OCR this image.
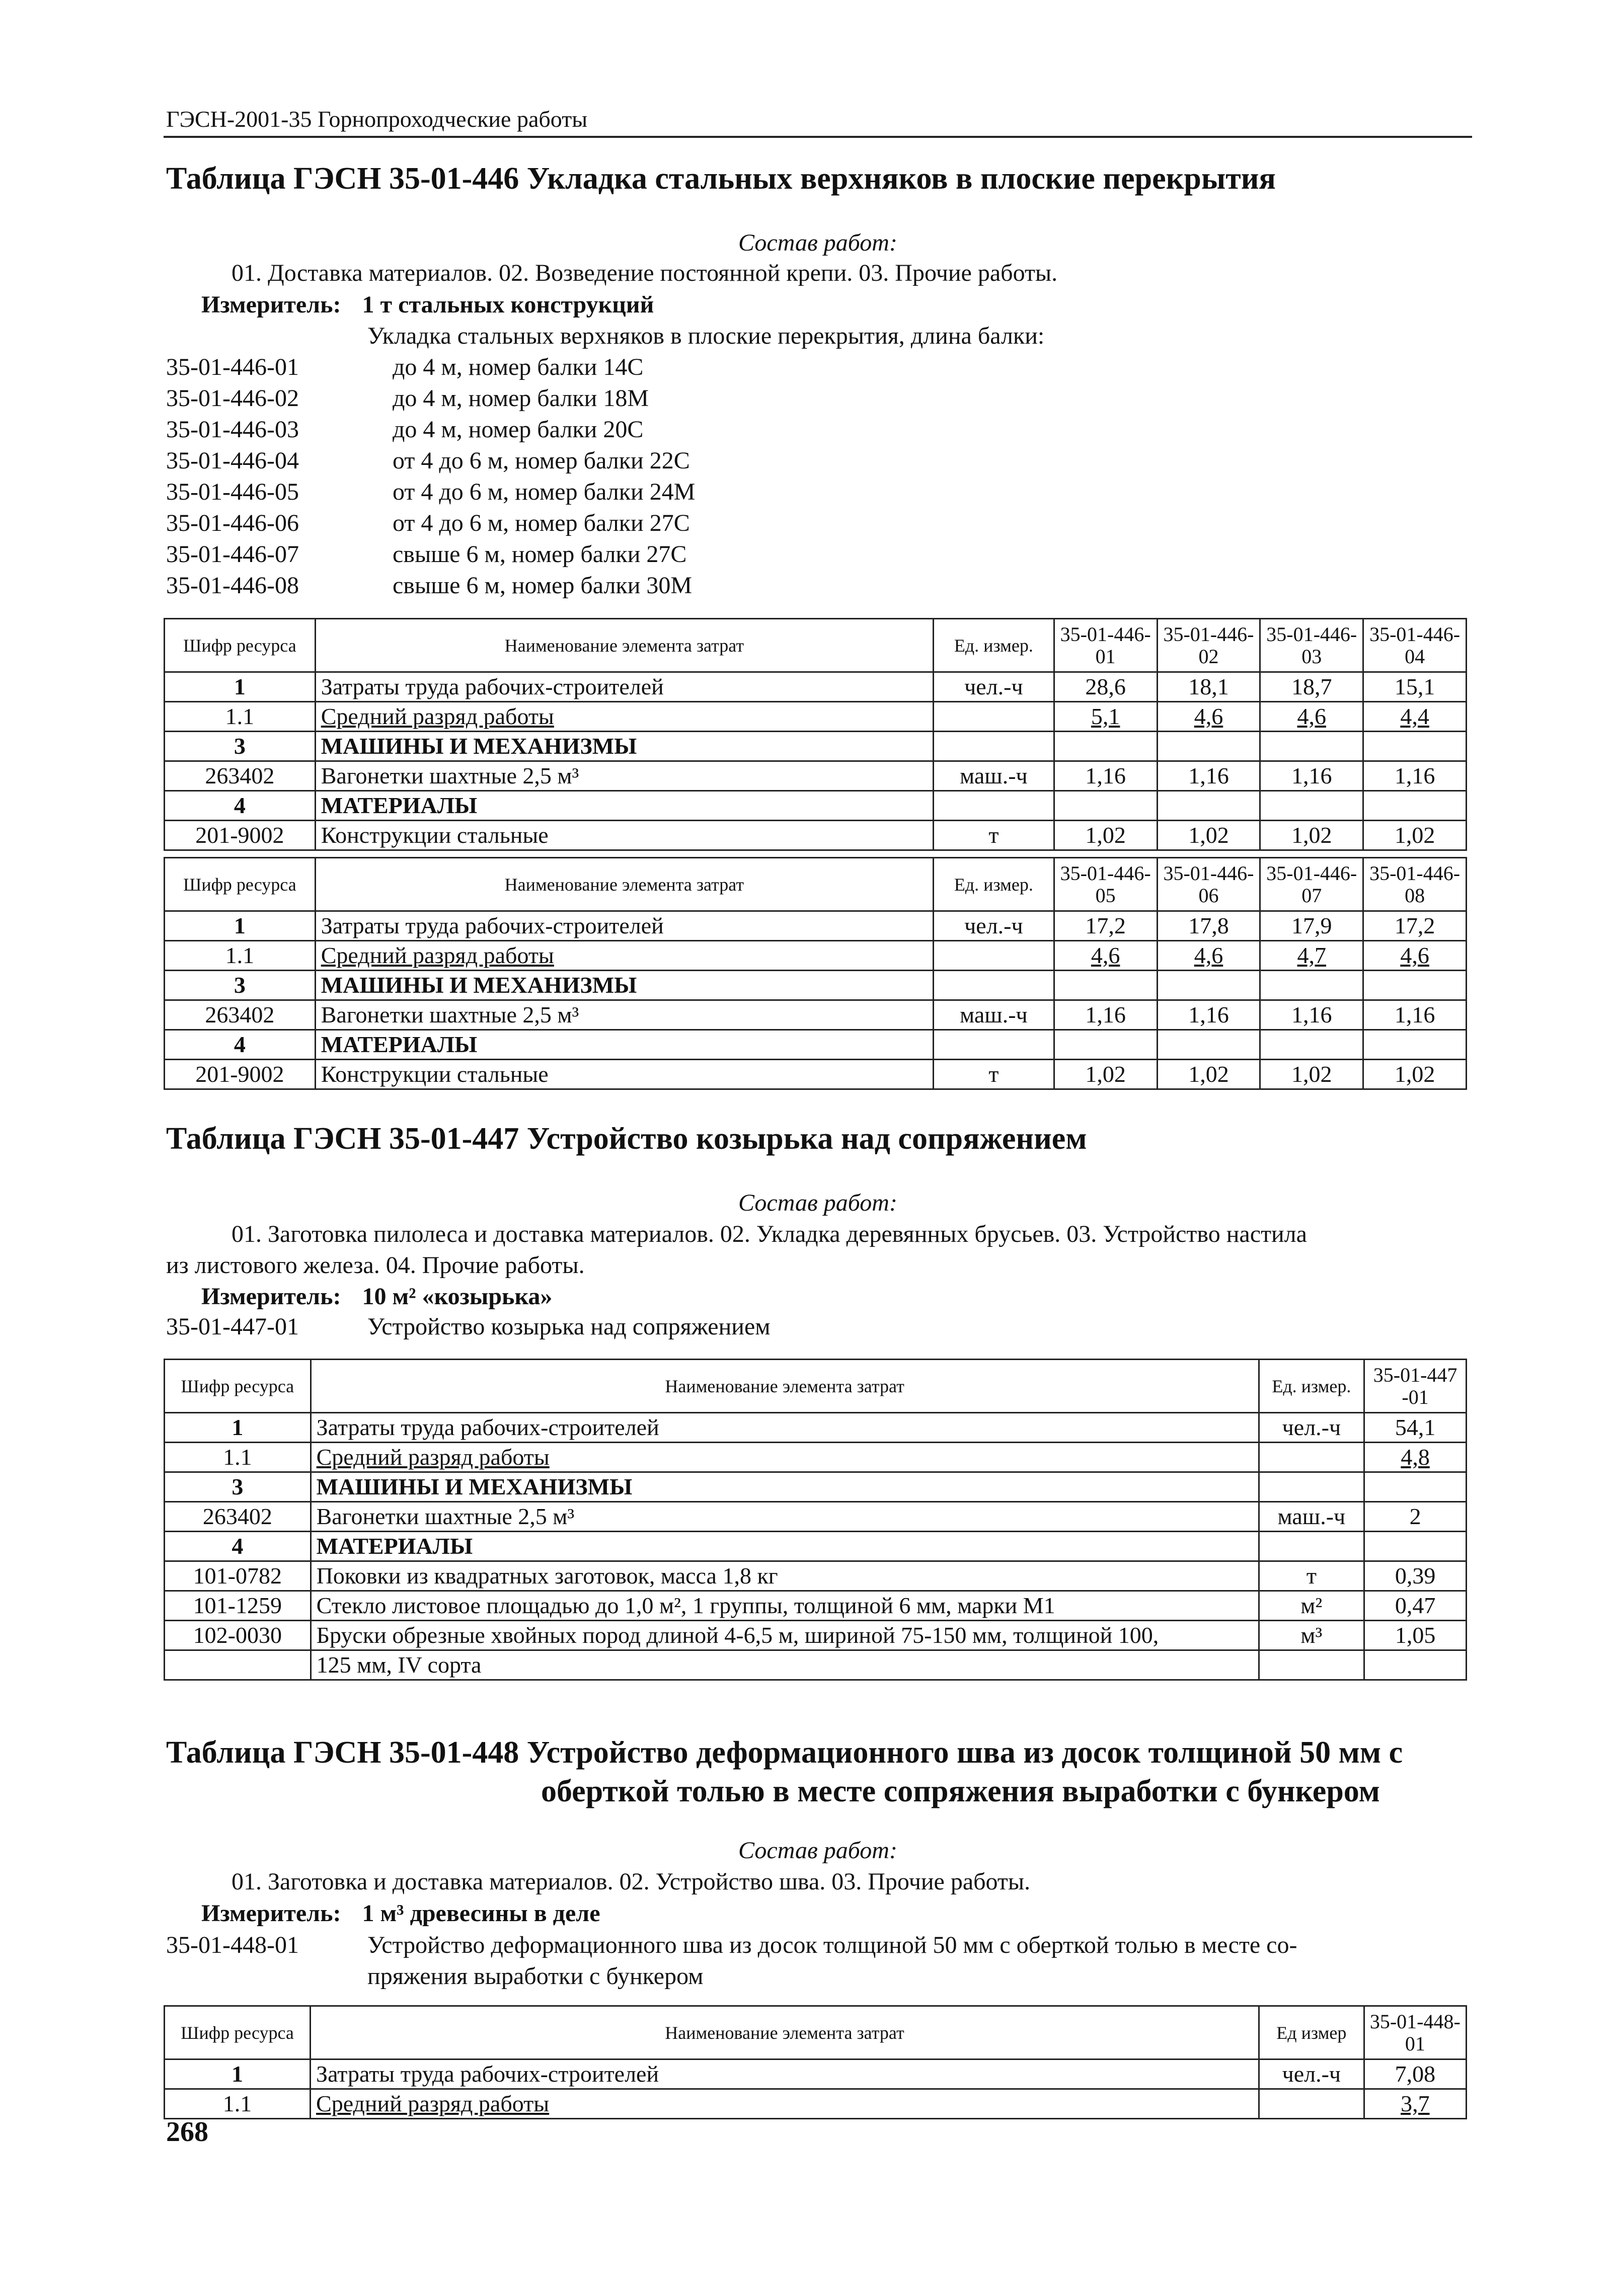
ГЭСН-2001-35 Горнопроходческие работы
Таблица ГЭСН 35-01-446 Укладка стальных верхняков в плоские перекрытия
Состав работ:
01. Доставка материалов. 02. Возведение постоянной крепи. 03. Прочие работы.
Измеритель: 1 т стальных конструкций
Укладка стальных верхняков в плоские перекрытия, длина балки:
35-01-446-01	до 4 м, номер балки 14С
35-01-446-02	до 4 м, номер балки 18М
35-01-446-03	до 4 м, номер балки 20С
35-01-446-04	от 4 до 6 м, номер балки 22С
35-01-446-05	от 4 до 6 м, номер балки 24М
35-01-446-06	от 4 до 6 м, номер балки 27С
35-01-446-07	свыше 6 м, номер балки 27С
35-01-446-08	свыше 6 м, номер балки 30М
Шифр ресурса	Наименование элемента затрат	Ед. измер.	35-01-446-01	35-01-446-02	35-01-446-03	35-01-446-04
1	Затраты труда рабочих-строителей	чел.-ч	28,6	18,1	18,7	15,1
1.1	Средний разряд работы		5,1	4,6	4,6	4,4
3	МАШИНЫ И МЕХАНИЗМЫ					
263402	Вагонетки шахтные 2,5 м³	маш.-ч	1,16	1,16	1,16	1,16
4	МАТЕРИАЛЫ					
201-9002	Конструкции стальные	т	1,02	1,02	1,02	1,02
Шифр ресурса	Наименование элемента затрат	Ед. измер.	35-01-446-05	35-01-446-06	35-01-446-07	35-01-446-08
1	Затраты труда рабочих-строителей	чел.-ч	17,2	17,8	17,9	17,2
1.1	Средний разряд работы		4,6	4,6	4,7	4,6
3	МАШИНЫ И МЕХАНИЗМЫ					
263402	Вагонетки шахтные 2,5 м³	маш.-ч	1,16	1,16	1,16	1,16
4	МАТЕРИАЛЫ					
201-9002	Конструкции стальные	т	1,02	1,02	1,02	1,02
Таблица ГЭСН 35-01-447 Устройство козырька над сопряжением
Состав работ:
01. Заготовка пилолеса и доставка материалов. 02. Укладка деревянных брусьев. 03. Устройство настила
из листового железа. 04. Прочие работы.
Измеритель: 10 м² «козырька»
35-01-447-01	Устройство козырька над сопряжением
Шифр ресурса	Наименование элемента затрат	Ед. измер.	35-01-447-01
1	Затраты труда рабочих-строителей	чел.-ч	54,1
1.1	Средний разряд работы		4,8
3	МАШИНЫ И МЕХАНИЗМЫ		
263402	Вагонетки шахтные 2,5 м³	маш.-ч	2
4	МАТЕРИАЛЫ		
101-0782	Поковки из квадратных заготовок, масса 1,8 кг	т	0,39
101-1259	Стекло листовое площадью до 1,0 м², 1 группы, толщиной 6 мм, марки М1	м²	0,47
102-0030	Бруски обрезные хвойных пород длиной 4-6,5 м, шириной 75-150 мм, толщиной 100,	м³	1,05
	125 мм, IV сорта		
Таблица ГЭСН 35-01-448 Устройство деформационного шва из досок толщиной 50 мм с
оберткой толью в месте сопряжения выработки с бункером
Состав работ:
01. Заготовка и доставка материалов. 02. Устройство шва. 03. Прочие работы.
Измеритель: 1 м³ древесины в деле
35-01-448-01	Устройство деформационного шва из досок толщиной 50 мм с оберткой толью в месте со-
пряжения выработки с бункером
Шифр ресурса	Наименование элемента затрат	Ед измер	35-01-448-01
1	Затраты труда рабочих-строителей	чел.-ч	7,08
1.1	Средний разряд работы		3,7
268
